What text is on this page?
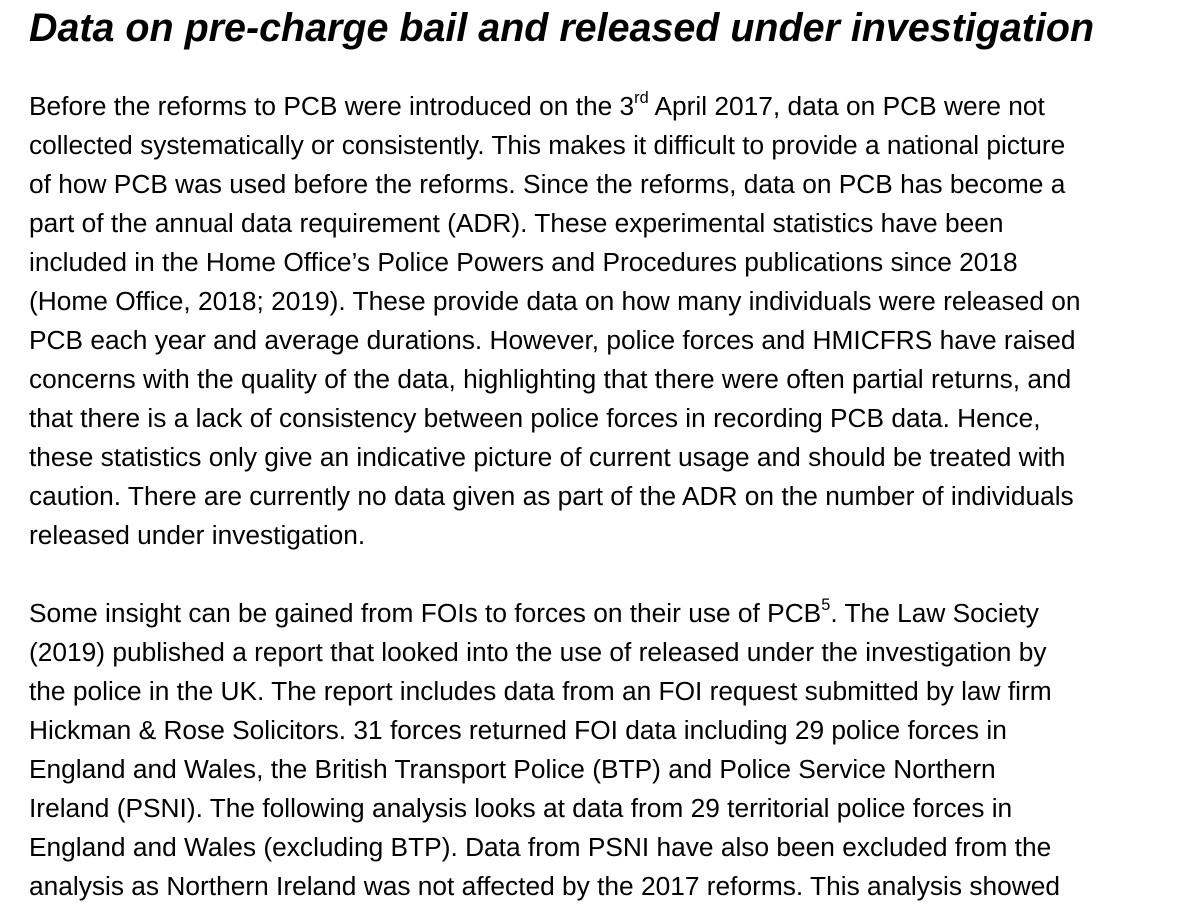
Data on pre-charge bail and released under investigation
Before the reforms to PCB were introduced on the 3rd April 2017, data on PCB were not
collected systematically or consistently. This makes it difficult to provide a national picture
of how PCB was used before the reforms. Since the reforms, data on PCB has become a
part of the annual data requirement (ADR). These experimental statistics have been
included in the Home Office’s Police Powers and Procedures publications since 2018
(Home Office, 2018; 2019). These provide data on how many individuals were released on
PCB each year and average durations. However, police forces and HMICFRS have raised
concerns with the quality of the data, highlighting that there were often partial returns, and
that there is a lack of consistency between police forces in recording PCB data. Hence,
these statistics only give an indicative picture of current usage and should be treated with
caution. There are currently no data given as part of the ADR on the number of individuals
released under investigation.
Some insight can be gained from FOIs to forces on their use of PCB$^5$. The Law Society
(2019) published a report that looked into the use of released under the investigation by
the police in the UK. The report includes data from an FOI request submitted by law firm
Hickman & Rose Solicitors. 31 forces returned FOI data including 29 police forces in
England and Wales, the British Transport Police (BTP) and Police Service Northern
Ireland (PSNI). The following analysis looks at data from 29 territorial police forces in
England and Wales (excluding BTP). Data from PSNI have also been excluded from the
analysis as Northern Ireland was not affected by the 2017 reforms. This analysis showed
